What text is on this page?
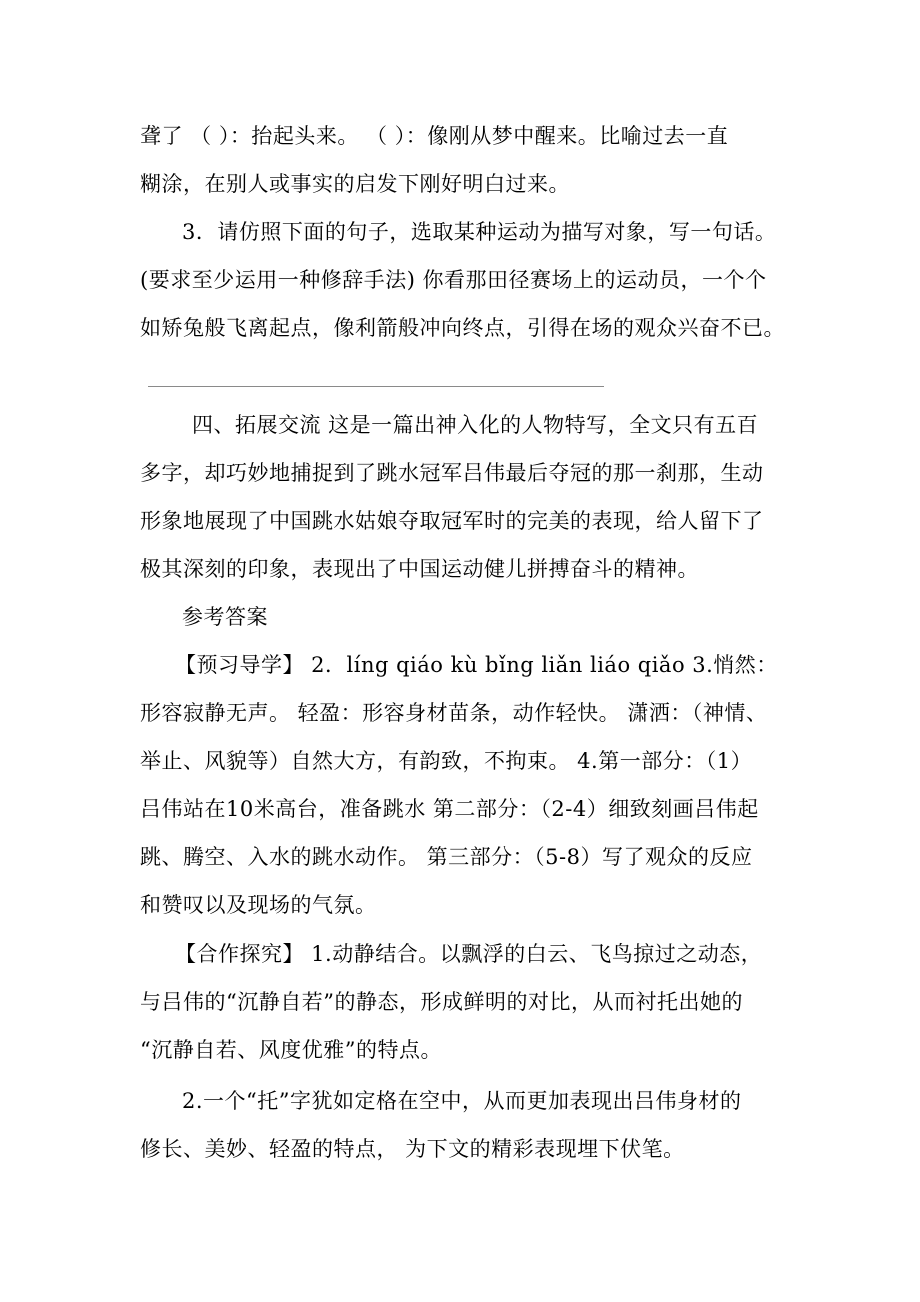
聋了 （ ）：抬起头来。 （ ）：像刚从梦中醒来。比喻过去一直
糊涂，在别人或事实的启发下刚好明白过来。
3．请仿照下面的句子，选取某种运动为描写对象，写一句话。
(要求至少运用一种修辞手法) 你看那田径赛场上的运动员，一个个
如矫兔般飞离起点，像利箭般冲向终点，引得在场的观众兴奋不已。
四、拓展交流 这是一篇出神入化的人物特写，全文只有五百
多字，却巧妙地捕捉到了跳水冠军吕伟最后夺冠的那一刹那，生动
形象地展现了中国跳水姑娘夺取冠军时的完美的表现，给人留下了
极其深刻的印象，表现出了中国运动健儿拼搏奋斗的精神。
参考答案
【预习导学】 2．líng qiáo kù bǐng liǎn liáo qiǎo 3.悄然：
形容寂静无声。 轻盈：形容身材苗条，动作轻快。 潇洒：（神情、
举止、风貌等）自然大方，有韵致，不拘束。 4.第一部分：（1）
吕伟站在10米高台，准备跳水 第二部分：（2-4）细致刻画吕伟起
跳、腾空、入水的跳水动作。 第三部分：（5-8）写了观众的反应
和赞叹以及现场的气氛。
【合作探究】 1.动静结合。以飘浮的白云、飞鸟掠过之动态，
与吕伟的“沉静自若”的静态，形成鲜明的对比，从而衬托出她的
“沉静自若、风度优雅”的特点。
2.一个“托”字犹如定格在空中，从而更加表现出吕伟身材的
修长、美妙、轻盈的特点， 为下文的精彩表现埋下伏笔。
